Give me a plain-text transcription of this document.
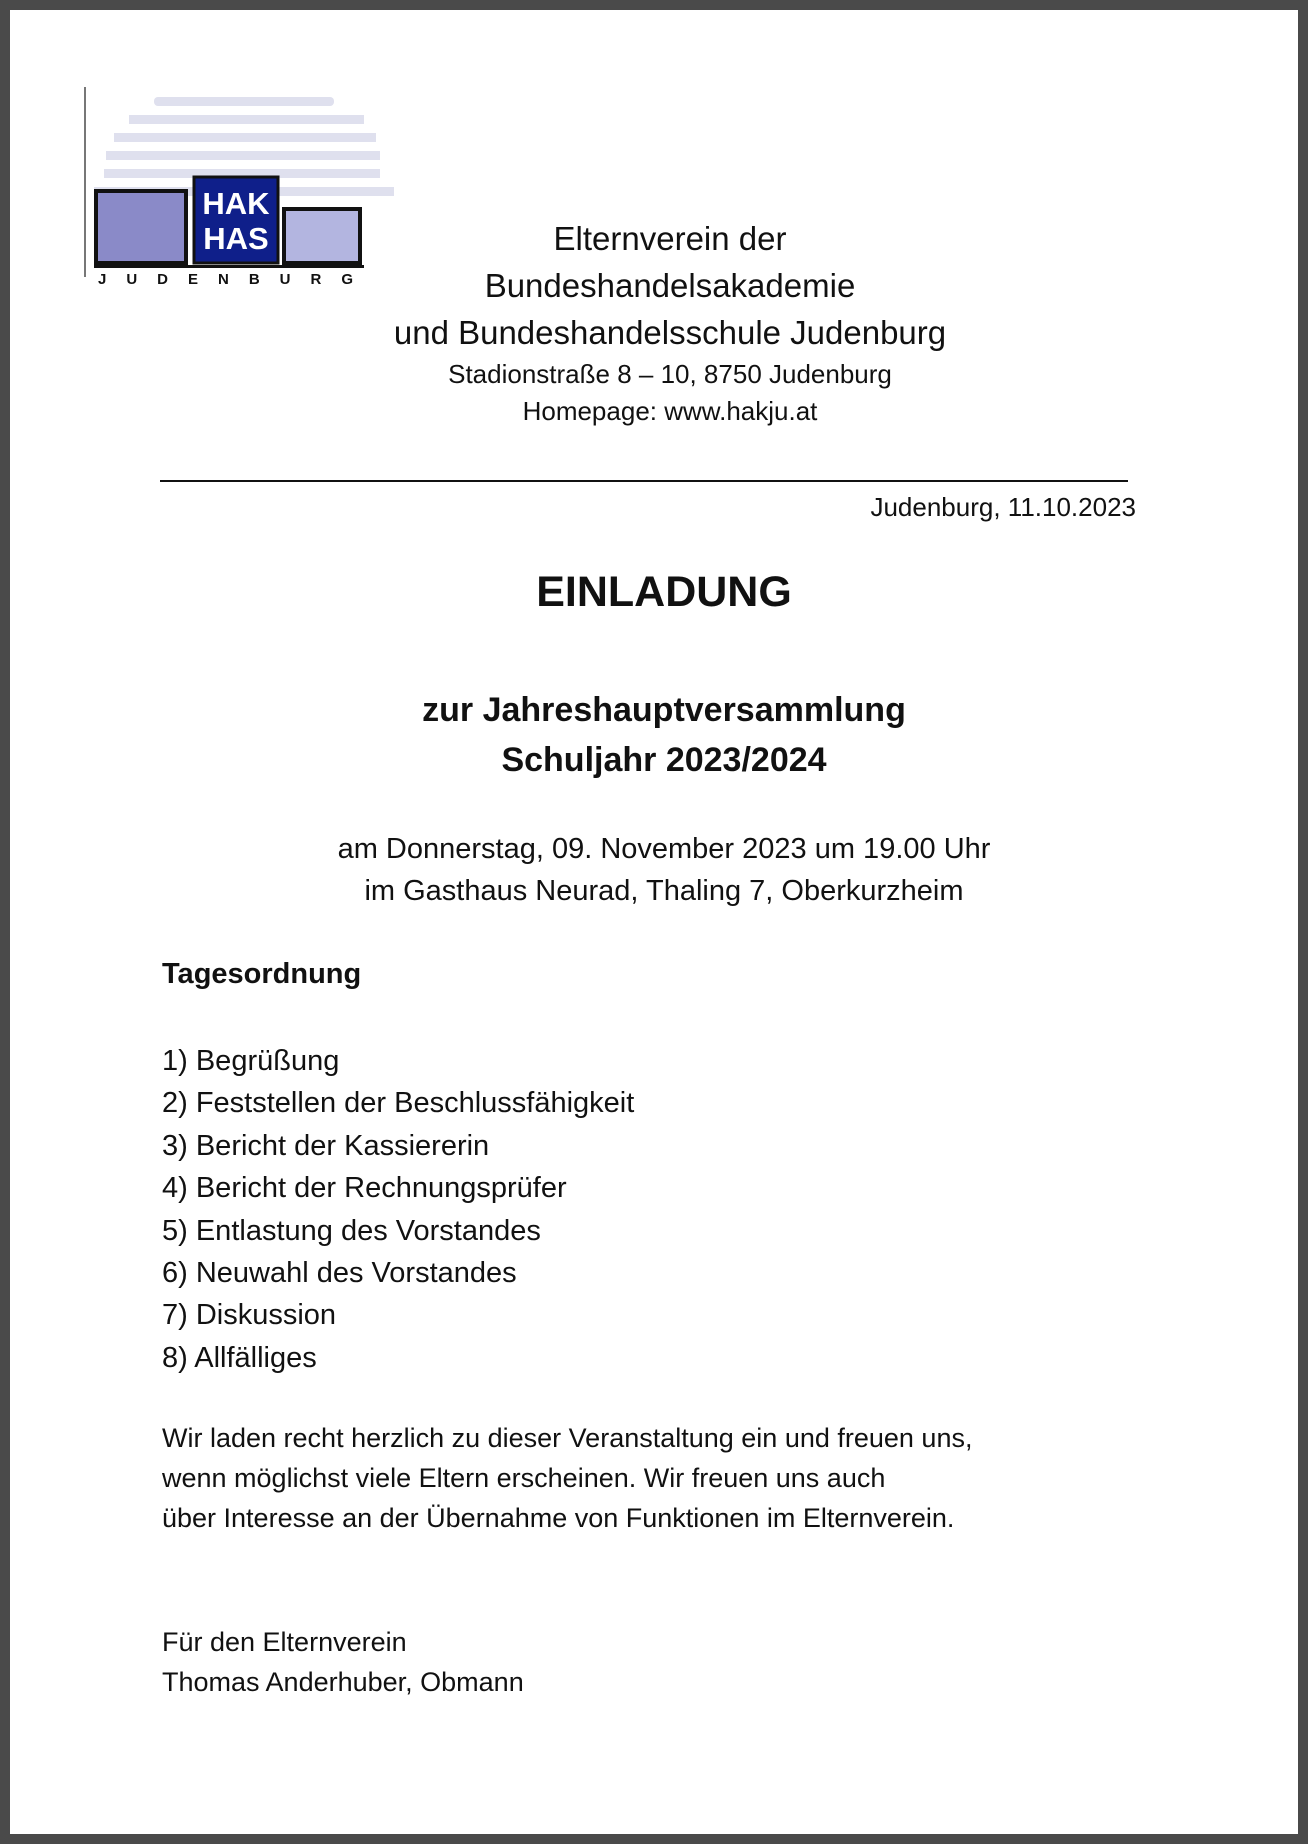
HAK
HAS
JUDENBURG
Elternverein der
Bundeshandelsakademie
und Bundeshandelsschule Judenburg
Stadionstraße 8 – 10, 8750 Judenburg
Homepage: www.hakju.at
Judenburg, 11.10.2023
EINLADUNG
zur Jahreshauptversammlung
Schuljahr 2023/2024
am Donnerstag, 09. November 2023 um 19.00 Uhr
im Gasthaus Neurad, Thaling 7, Oberkurzheim
Tagesordnung
1) Begrüßung
2) Feststellen der Beschlussfähigkeit
3) Bericht der Kassiererin
4) Bericht der Rechnungsprüfer
5) Entlastung des Vorstandes
6) Neuwahl des Vorstandes
7) Diskussion
8) Allfälliges
Wir laden recht herzlich zu dieser Veranstaltung ein und freuen uns,
wenn möglichst viele Eltern erscheinen. Wir freuen uns auch
über Interesse an der Übernahme von Funktionen im Elternverein.
Für den Elternverein
Thomas Anderhuber, Obmann
